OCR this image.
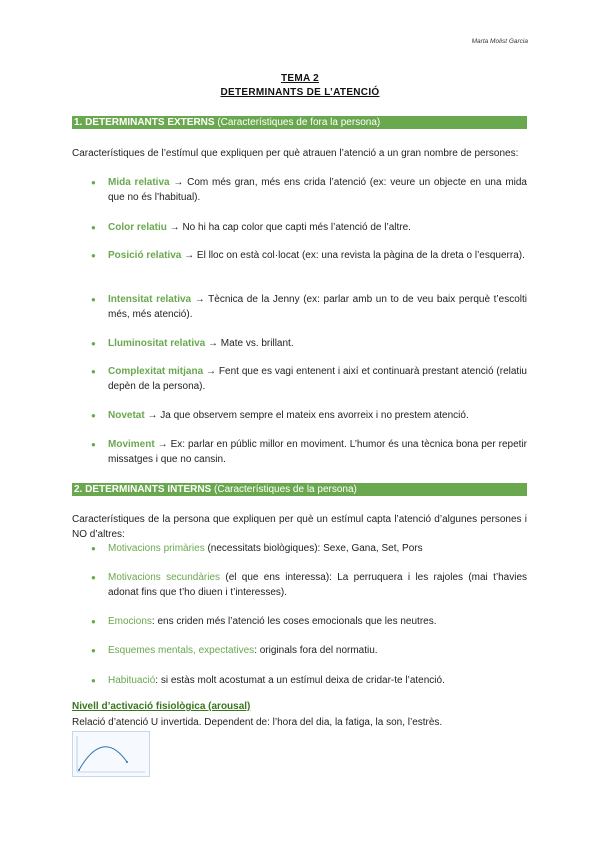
Marta Molist Garcia
TEMA 2
DETERMINANTS DE L’ATENCIÓ
1. DETERMINANTS EXTERNS (Característiques de fora la persona)
Característiques de l’estímul que expliquen per què atrauen l’atenció a un gran nombre de persones:
● Mida relativa → Com més gran, més ens crida l’atenció (ex: veure un objecte en una mida que no és l’habitual).
● Color relatiu → No hi ha cap color que capti més l’atenció de l’altre.
● Posició relativa → El lloc on està col·locat (ex: una revista la pàgina de la dreta o l’esquerra).
● Intensitat relativa → Tècnica de la Jenny (ex: parlar amb un to de veu baix perquè t’escolti més, més atenció).
● Lluminositat relativa → Mate vs. brillant.
● Complexitat mitjana → Fent que es vagi entenent i així et continuarà prestant atenció (relatiu depèn de la persona).
● Novetat → Ja que observem sempre el mateix ens avorreix i no prestem atenció.
● Moviment → Ex: parlar en públic millor en moviment. L’humor és una tècnica bona per repetir missatges i que no cansin.
2. DETERMINANTS INTERNS (Característiques de la persona)
Característiques de la persona que expliquen per què un estímul capta l’atenció d’algunes persones i NO d’altres:
● Motivacions primàries (necessitats biològiques): Sexe, Gana, Set, Pors
● Motivacions secundàries (el que ens interessa): La perruquera i les rajoles (mai t’havies adonat fins que t’ho diuen i t’interesses).
● Emocions: ens criden més l’atenció les coses emocionals que les neutres.
● Esquemes mentals, expectatives: originals fora del normatiu.
● Habituació: si estàs molt acostumat a un estímul deixa de cridar-te l’atenció.
Nivell d’activació fisiològica (arousal)
Relació d’atenció U invertida. Dependent de: l’hora del dia, la fatiga, la son, l’estrès.
